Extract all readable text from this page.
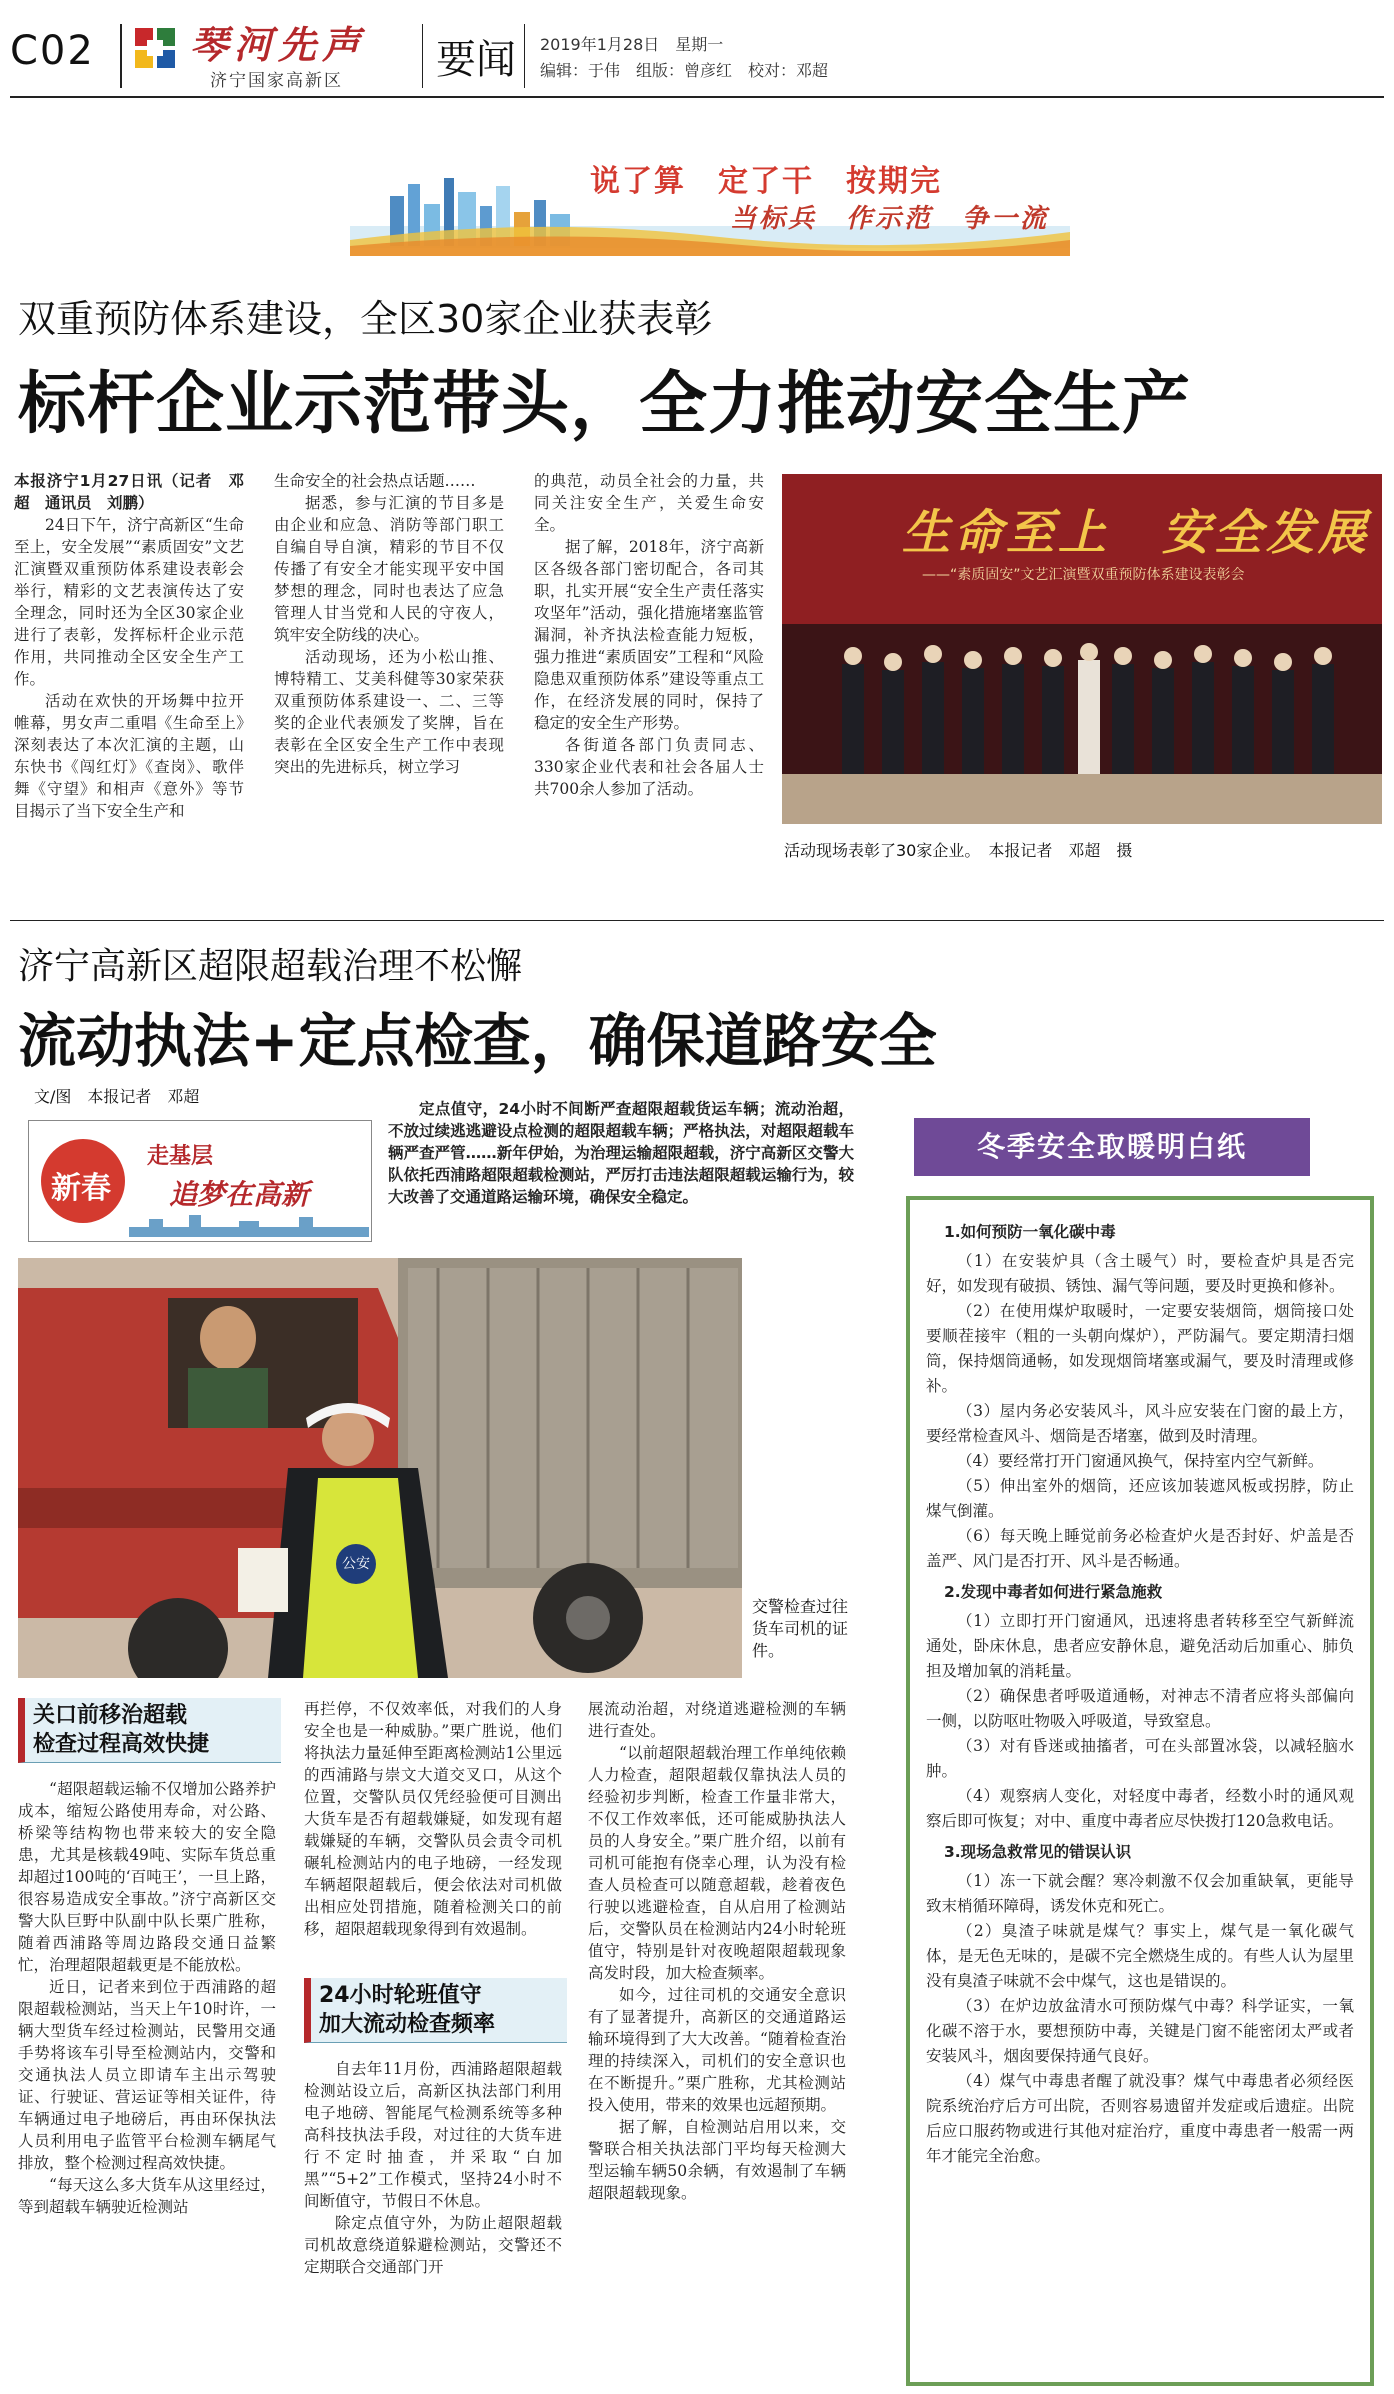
C02	琴河先声
济宁国家高新区 要闻 2019年1月28日　星期一
编辑：于伟　组版：曾彦红　校对：邓超
说了算　定了干　按期完
当标兵　作示范　争一流
双重预防体系建设，全区30家企业获表彰
标杆企业示范带头，全力推动安全生产

本报济宁1月27日讯（记者　邓超　通讯员　刘鹏）

24日下午，济宁高新区“生命至上，安全发展”“素质固安”文艺汇演暨双重预防体系建设表彰会举行，精彩的文艺表演传达了安全理念，同时还为全区30家企业进行了表彰，发挥标杆企业示范作用，共同推动全区安全生产工作。

活动在欢快的开场舞中拉开帷幕，男女声二重唱《生命至上》深刻表达了本次汇演的主题，山东快书《闯红灯》《查岗》、歌伴舞《守望》和相声《意外》等节目揭示了当下安全生产和

生命安全的社会热点话题……

据悉，参与汇演的节目多是由企业和应急、消防等部门职工自编自导自演，精彩的节目不仅传播了有安全才能实现平安中国梦想的理念，同时也表达了应急管理人甘当党和人民的守夜人，筑牢安全防线的决心。

活动现场，还为小松山推、博特精工、艾美科健等30家荣获双重预防体系建设一、二、三等奖的企业代表颁发了奖牌，旨在表彰在全区安全生产工作中表现突出的先进标兵，树立学习

的典范，动员全社会的力量，共同关注安全生产，关爱生命安全。

据了解，2018年，济宁高新区各级各部门密切配合，各司其职，扎实开展“安全生产责任落实攻坚年”活动，强化措施堵塞监管漏洞，补齐执法检查能力短板，强力推进“素质固安”工程和“风险隐患双重预防体系”建设等重点工作，在经济发展的同时，保持了稳定的安全生产形势。

各街道各部门负责同志、330家企业代表和社会各届人士共700余人参加了活动。

生命至上　安全发展
——“素质固安”文艺汇演暨双重预防体系建设表彰会
活动现场表彰了30家企业。　本报记者　邓超　摄
济宁高新区超限超载治理不松懈
流动执法+定点检查，确保道路安全
文/图　本报记者　邓超
新春
走基层
追梦在高新

定点值守，24小时不间断严查超限超载货运车辆；流动治超，不放过续逃逃避设点检测的超限超载车辆；严格执法，对超限超载车辆严查严管……新年伊始，为治理运输超限超载，济宁高新区交警大队依托西浦路超限超载检测站，严厉打击违法超限超载运输行为，较大改善了交通道路运输环境，确保安全稳定。

公安
交警检查过往货车司机的证件。
关口前移治超载
检查过程高效快捷

“超限超载运输不仅增加公路养护成本，缩短公路使用寿命，对公路、桥梁等结构物也带来较大的安全隐患，尤其是核载49吨、实际车货总重却超过100吨的‘百吨王’，一旦上路，很容易造成安全事故。”济宁高新区交警大队巨野中队副中队长栗广胜称，随着西浦路等周边路段交通日益繁忙，治理超限超载更是不能放松。

近日，记者来到位于西浦路的超限超载检测站，当天上午10时许，一辆大型货车经过检测站，民警用交通手势将该车引导至检测站内，交警和交通执法人员立即请车主出示驾驶证、行驶证、营运证等相关证件，待车辆通过电子地磅后，再由环保执法人员利用电子监管平台检测车辆尾气排放，整个检测过程高效快捷。

“每天这么多大货车从这里经过，等到超载车辆驶近检测站

再拦停，不仅效率低，对我们的人身安全也是一种威胁。”栗广胜说，他们将执法力量延伸至距离检测站1公里远的西浦路与崇文大道交叉口，从这个位置，交警队员仅凭经验便可目测出大货车是否有超载嫌疑，如发现有超载嫌疑的车辆，交警队员会责令司机碾轧检测站内的电子地磅，一经发现车辆超限超载后，便会依法对司机做出相应处罚措施，随着检测关口的前移，超限超载现象得到有效遏制。

24小时轮班值守
加大流动检查频率

自去年11月份，西浦路超限超载检测站设立后，高新区执法部门利用电子地磅、智能尾气检测系统等多种高科技执法手段，对过往的大货车进行不定时抽查，并采取“白加黑”“5+2”工作模式，坚持24小时不间断值守，节假日不休息。

除定点值守外，为防止超限超载司机故意绕道躲避检测站，交警还不定期联合交通部门开

展流动治超，对绕道逃避检测的车辆进行查处。

“以前超限超载治理工作单纯依赖人力检查，超限超载仅靠执法人员的经验初步判断，检查工作量非常大，不仅工作效率低，还可能威胁执法人员的人身安全。”栗广胜介绍，以前有司机可能抱有侥幸心理，认为没有检查人员检查可以随意超载，趁着夜色行驶以逃避检查，自从启用了检测站后，交警队员在检测站内24小时轮班值守，特别是针对夜晚超限超载现象高发时段，加大检查频率。

如今，过往司机的交通安全意识有了显著提升，高新区的交通道路运输环境得到了大大改善。“随着检查治理的持续深入，司机们的安全意识也在不断提升。”栗广胜称，尤其检测站投入使用，带来的效果也远超预期。

据了解，自检测站启用以来，交警联合相关执法部门平均每天检测大型运输车辆50余辆，有效遏制了车辆超限超载现象。

冬季安全取暖明白纸
1.如何预防一氧化碳中毒

（1）在安装炉具（含土暖气）时，要检查炉具是否完好，如发现有破损、锈蚀、漏气等问题，要及时更换和修补。

（2）在使用煤炉取暖时，一定要安装烟筒，烟筒接口处要顺茬接牢（粗的一头朝向煤炉），严防漏气。要定期清扫烟筒，保持烟筒通畅，如发现烟筒堵塞或漏气，要及时清理或修补。

（3）屋内务必安装风斗，风斗应安装在门窗的最上方，要经常检查风斗、烟筒是否堵塞，做到及时清理。

（4）要经常打开门窗通风换气，保持室内空气新鲜。

（5）伸出室外的烟筒，还应该加装遮风板或拐脖，防止煤气倒灌。

（6）每天晚上睡觉前务必检查炉火是否封好、炉盖是否盖严、风门是否打开、风斗是否畅通。

2.发现中毒者如何进行紧急施救

（1）立即打开门窗通风，迅速将患者转移至空气新鲜流通处，卧床休息，患者应安静休息，避免活动后加重心、肺负担及增加氧的消耗量。

（2）确保患者呼吸道通畅，对神志不清者应将头部偏向一侧，以防呕吐物吸入呼吸道，导致窒息。

（3）对有昏迷或抽搐者，可在头部置冰袋，以减轻脑水肿。

（4）观察病人变化，对轻度中毒者，经数小时的通风观察后即可恢复；对中、重度中毒者应尽快拨打120急救电话。

3.现场急救常见的错误认识

（1）冻一下就会醒？寒冷刺激不仅会加重缺氧，更能导致末梢循环障碍，诱发休克和死亡。

（2）臭渣子味就是煤气？事实上，煤气是一氧化碳气体，是无色无味的，是碳不完全燃烧生成的。有些人认为屋里没有臭渣子味就不会中煤气，这也是错误的。

（3）在炉边放盆清水可预防煤气中毒？科学证实，一氧化碳不溶于水，要想预防中毒，关键是门窗不能密闭太严或者安装风斗，烟囱要保持通气良好。

（4）煤气中毒患者醒了就没事？煤气中毒患者必须经医院系统治疗后方可出院，否则容易遗留并发症或后遗症。出院后应口服药物或进行其他对症治疗，重度中毒患者一般需一两年才能完全治愈。
